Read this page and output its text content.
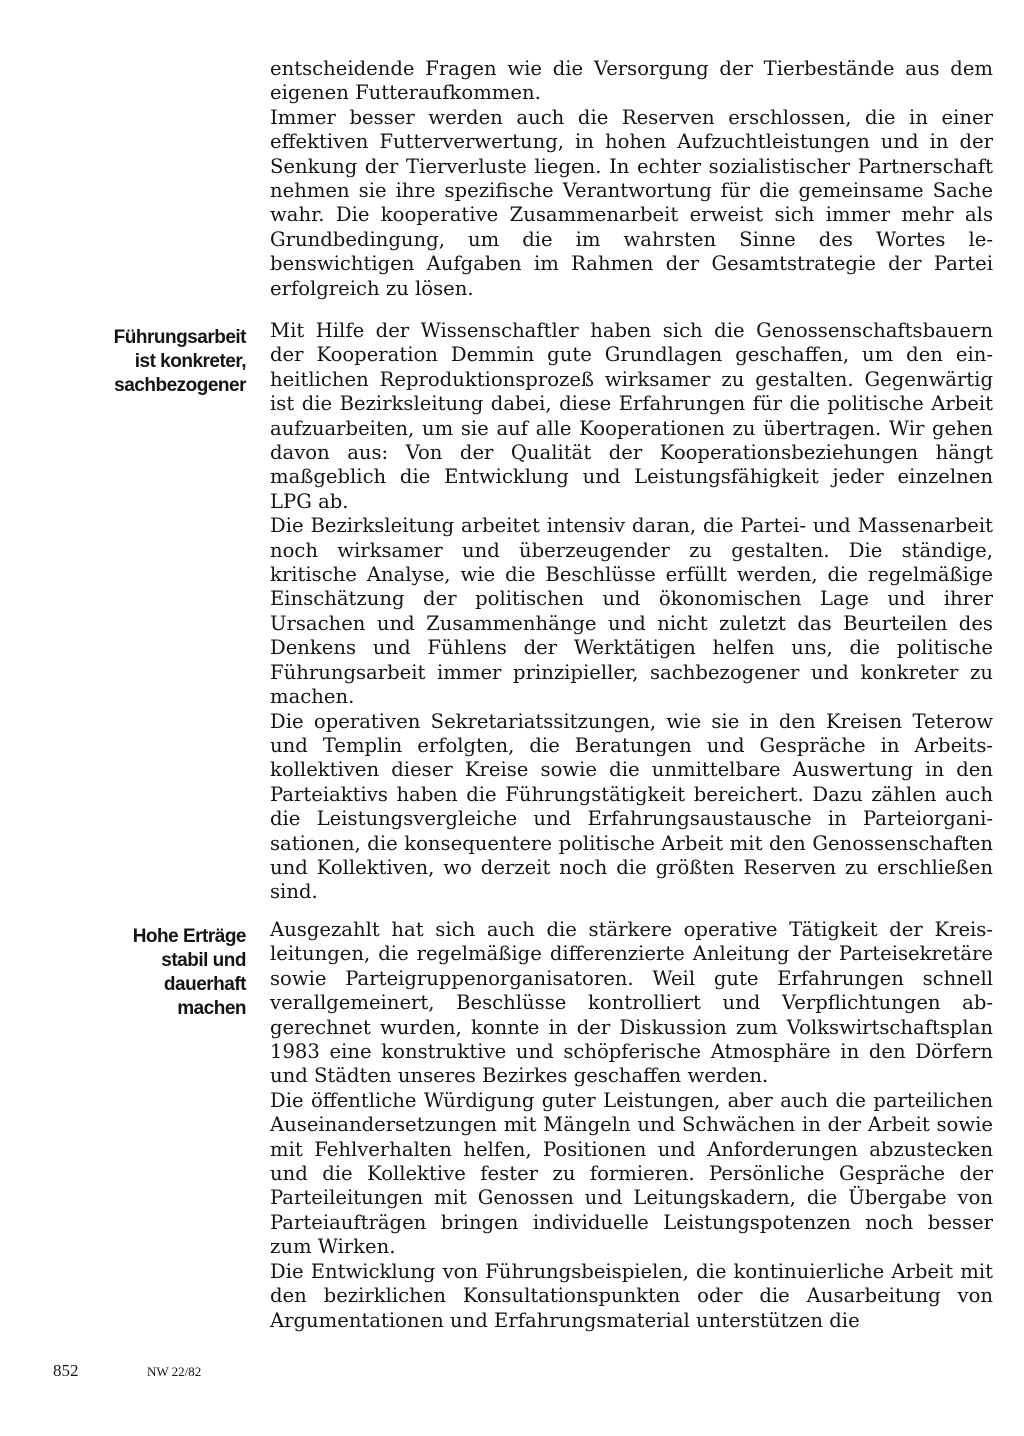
entscheidende Fragen wie die Versorgung der Tierbestände aus dem eigenen Futteraufkommen.

Immer besser werden auch die Reserven erschlossen, die in einer effektiven Futterverwertung, in hohen Aufzuchtleistungen und in der Senkung der Tierverluste liegen. In echter sozialistischer Partnerschaft nehmen sie ihre spezifische Verantwortung für die gemeinsame Sache wahr. Die kooperative Zusammenarbeit erweist sich immer mehr als Grundbedingung, um die im wahrsten Sinne des Wortes lebenswichtigen Aufgaben im Rahmen der Gesamtstrategie der Partei erfolgreich zu lösen.

Führungsarbeit
ist konkreter,
sachbezogener

Mit Hilfe der Wissenschaftler haben sich die Genossenschaftsbauern der Kooperation Demmin gute Grundlagen geschaffen, um den einheitlichen Reproduktionsprozeß wirksamer zu gestalten. Gegenwärtig ist die Bezirksleitung dabei, diese Erfahrungen für die politische Arbeit aufzuarbeiten, um sie auf alle Kooperationen zu übertragen. Wir gehen davon aus: Von der Qualität der Kooperationsbeziehungen hängt maßgeblich die Entwicklung und Leistungsfähigkeit jeder einzelnen LPG ab.

Die Bezirksleitung arbeitet intensiv daran, die Partei- und Massenarbeit noch wirksamer und überzeugender zu gestalten. Die ständige, kritische Analyse, wie die Beschlüsse erfüllt werden, die regelmäßige Einschätzung der politischen und ökonomischen Lage und ihrer Ursachen und Zusammenhänge und nicht zuletzt das Beurteilen des Denkens und Fühlens der Werktätigen helfen uns, die politische Führungsarbeit immer prinzipieller, sachbezogener und konkreter zu machen.

Die operativen Sekretariatssitzungen, wie sie in den Kreisen Teterow und Templin erfolgten, die Beratungen und Gespräche in Arbeitskollektiven dieser Kreise sowie die unmittelbare Auswertung in den Parteiaktivs haben die Führungstätigkeit bereichert. Dazu zählen auch die Leistungsvergleiche und Erfahrungsaustausche in Parteiorganisationen, die konsequentere politische Arbeit mit den Genossenschaften und Kollektiven, wo derzeit noch die größten Reserven zu erschließen sind.

Hohe Erträge
stabil und
dauerhaft machen

Ausgezahlt hat sich auch die stärkere operative Tätigkeit der Kreisleitungen, die regelmäßige differenzierte Anleitung der Parteisekretäre sowie Parteigruppenorganisatoren. Weil gute Erfahrungen schnell verallgemeinert, Beschlüsse kontrolliert und Verpflichtungen abgerechnet wurden, konnte in der Diskussion zum Volkswirtschaftsplan 1983 eine konstruktive und schöpferische Atmosphäre in den Dörfern und Städten unseres Bezirkes geschaffen werden.

Die öffentliche Würdigung guter Leistungen, aber auch die parteilichen Auseinandersetzungen mit Mängeln und Schwächen in der Arbeit sowie mit Fehlverhalten helfen, Positionen und Anforderungen abzustecken und die Kollektive fester zu formieren. Persönliche Gespräche der Parteileitungen mit Genossen und Leitungskadern, die Übergabe von Parteiaufträgen bringen individuelle Leistungspotenzen noch besser zum Wirken.

Die Entwicklung von Führungsbeispielen, die kontinuierliche Arbeit mit den bezirklichen Konsultationspunkten oder die Ausarbeitung von Argumentationen und Erfahrungsmaterial unterstützen die

852	NW 22/82
